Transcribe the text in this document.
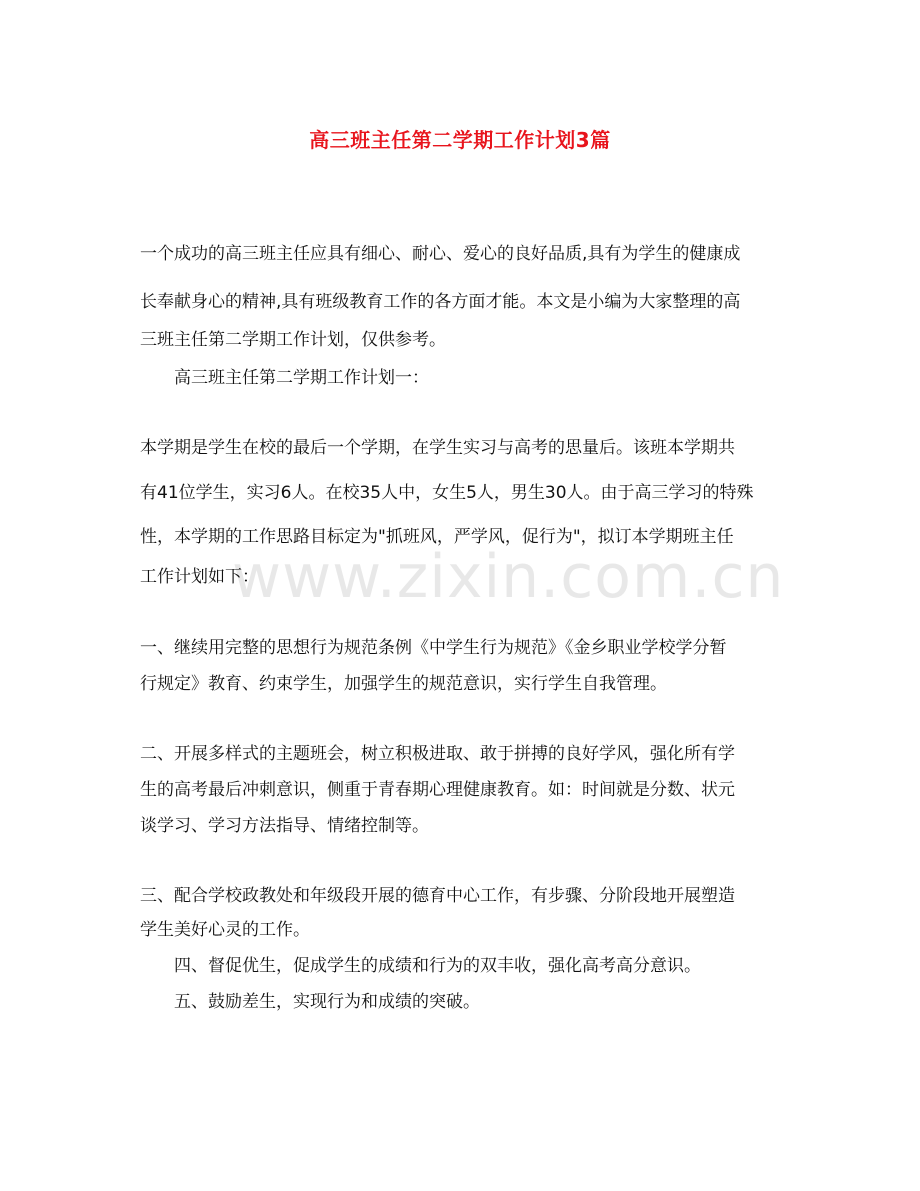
高三班主任第二学期工作计划3篇
www.zixin.com.cn
一个成功的高三班主任应具有细心、耐心、爱心的良好品质,具有为学生的健康成
长奉献身心的精神,具有班级教育工作的各方面才能。本文是小编为大家整理的高
三班主任第二学期工作计划，仅供参考。
高三班主任第二学期工作计划一：
本学期是学生在校的最后一个学期，在学生实习与高考的思量后。该班本学期共
有41位学生，实习6人。在校35人中，女生5人，男生30人。由于高三学习的特殊
性，本学期的工作思路目标定为"抓班风，严学风，促行为"，拟订本学期班主任
工作计划如下：
一、继续用完整的思想行为规范条例《中学生行为规范》《金乡职业学校学分暂
行规定》教育、约束学生，加强学生的规范意识，实行学生自我管理。
二、开展多样式的主题班会，树立积极进取、敢于拼搏的良好学风，强化所有学
生的高考最后冲刺意识，侧重于青春期心理健康教育。如：时间就是分数、状元
谈学习、学习方法指导、情绪控制等。
三、配合学校政教处和年级段开展的德育中心工作，有步骤、分阶段地开展塑造
学生美好心灵的工作。
四、督促优生，促成学生的成绩和行为的双丰收，强化高考高分意识。
五、鼓励差生，实现行为和成绩的突破。
